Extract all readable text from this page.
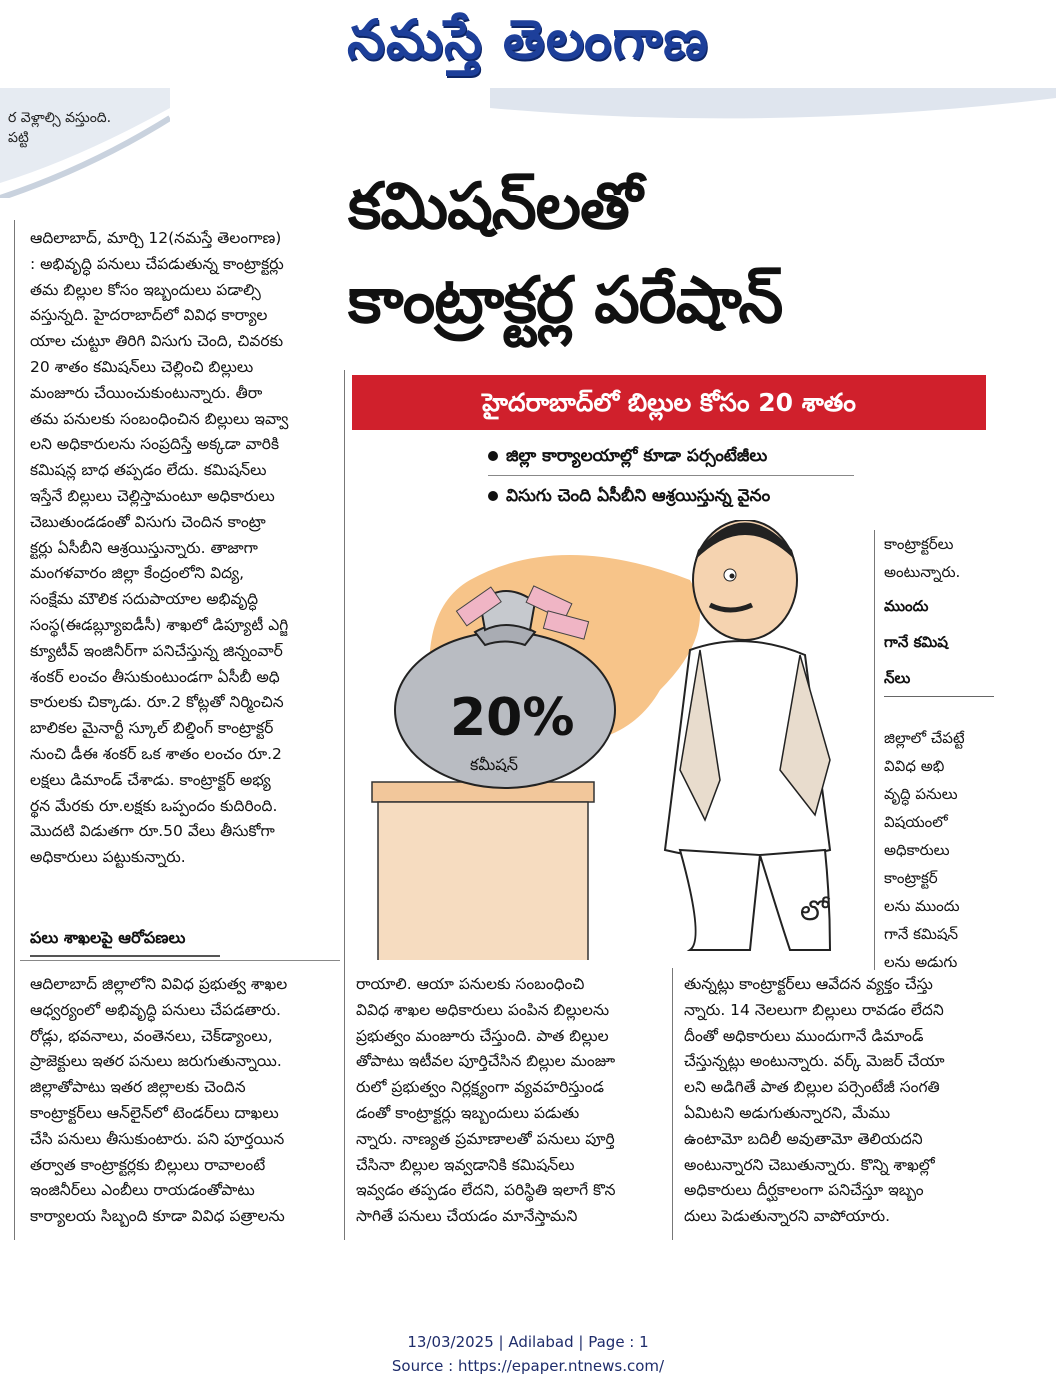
నమస్తే తెలంగాణ
ర వెళ్లాల్సి వస్తుంది.
పట్టి
కమిషన్‌లతో
కాంట్రాక్టర్ల పరేషాన్
హైదరాబాద్‌లో బిల్లుల కోసం 20 శాతం
జిల్లా కార్యాలయాల్లో కూడా పర్సంటేజీలు
విసుగు చెంది ఏసీబీని ఆశ్రయిస్తున్న వైనం
20%
కమీషన్
లో
కాంట్రాక్టర్‌లు
అంటున్నారు.
ముందు
గానే కమిష
న్‌లు
జిల్లాలో చేపట్టే
వివిధ అభి
వృద్ధి పనులు
విషయంలో
అధికారులు
కాంట్రాక్టర్
లను ముందు
గానే కమిషన్
లను అడుగు

ఆదిలాబాద్, మార్చి 12(నమస్తే తెలంగాణ)

: అభివృద్ధి పనులు చేపడుతున్న కాంట్రాక్టర్లు

తమ బిల్లుల కోసం ఇబ్బందులు పడాల్సి

వస్తున్నది. హైదరాబాద్‌లో వివిధ కార్యాల

యాల చుట్టూ తిరిగి విసుగు చెంది, చివరకు

20 శాతం కమిషన్‌లు చెల్లించి బిల్లులు

మంజూరు చేయించుకుంటున్నారు. తీరా

తమ పనులకు సంబంధించిన బిల్లులు ఇవ్వా

లని అధికారులను సంప్రదిస్తే అక్కడా వారికి

కమిషన్ల బాధ తప్పడం లేదు. కమిషన్‌లు

ఇస్తేనే బిల్లులు చెల్లిస్తామంటూ అధికారులు

చెబుతుండడంతో విసుగు చెందిన కాంట్రా

క్టర్లు ఏసీబీని ఆశ్రయిస్తున్నారు. తాజాగా

మంగళవారం జిల్లా కేంద్రంలోని విద్య,

సంక్షేమ మౌలిక సదుపాయాల అభివృద్ధి

సంస్థ(ఈడబ్ల్యూఐడీసీ) శాఖలో డిప్యూటీ ఎగ్జి

క్యూటీవ్ ఇంజినీర్‌గా పనిచేస్తున్న జిన్నంవార్

శంకర్ లంచం తీసుకుంటుండగా ఏసీబీ అధి

కారులకు చిక్కాడు. రూ.2 కోట్లతో నిర్మించిన

బాలికల మైనార్టీ స్కూల్ బిల్డింగ్ కాంట్రాక్టర్

నుంచి డీఈ శంకర్ ఒక శాతం లంచం రూ.2

లక్షలు డిమాండ్ చేశాడు. కాంట్రాక్టర్ అభ్య

ర్థన మేరకు రూ.లక్షకు ఒప్పందం కుదిరింది.

మొదటి విడుతగా రూ.50 వేలు తీసుకోగా

అధికారులు పట్టుకున్నారు.

పలు శాఖలపై ఆరోపణలు

ఆదిలాబాద్ జిల్లాలోని వివిధ ప్రభుత్వ శాఖల

ఆధ్వర్యంలో అభివృద్ధి పనులు చేపడతారు.

రోడ్లు, భవనాలు, వంతెనలు, చెక్‌డ్యాంలు,

ప్రాజెక్టులు ఇతర పనులు జరుగుతున్నాయి.

జిల్లాతోపాటు ఇతర జిల్లాలకు చెందిన

కాంట్రాక్టర్‌లు ఆన్‌లైన్‌లో టెండర్‌లు దాఖలు

చేసి పనులు తీసుకుంటారు. పని పూర్తయిన

తర్వాత కాంట్రాక్టర్లకు బిల్లులు రావాలంటే

ఇంజినీర్‌లు ఎంబీలు రాయడంతోపాటు

కార్యాలయ సిబ్బంది కూడా వివిధ పత్రాలను

రాయాలి. ఆయా పనులకు సంబంధించి

వివిధ శాఖల అధికారులు పంపిన బిల్లులను

ప్రభుత్వం మంజూరు చేస్తుంది. పాత బిల్లుల

తోపాటు ఇటీవల పూర్తిచేసిన బిల్లుల మంజూ

రులో ప్రభుత్వం నిర్లక్ష్యంగా వ్యవహరిస్తుండ

డంతో కాంట్రాక్టర్లు ఇబ్బందులు పడుతు

న్నారు. నాణ్యత ప్రమాణాలతో పనులు పూర్తి

చేసినా బిల్లుల ఇవ్వడానికి కమిషన్‌లు

ఇవ్వడం తప్పడం లేదని, పరిస్థితి ఇలాగే కొన

సాగితే పనులు చేయడం మానేస్తామని

తున్నట్లు కాంట్రాక్టర్‌లు ఆవేదన వ్యక్తం చేస్తు

న్నారు. 14 నెలలుగా బిల్లులు రావడం లేదని

దీంతో అధికారులు ముందుగానే డిమాండ్

చేస్తున్నట్లు అంటున్నారు. వర్క్ మెజర్ చేయా

లని అడిగితే పాత బిల్లుల పర్సెంటేజీ సంగతి

ఏమిటని అడుగుతున్నారని, మేము

ఉంటామో బదిలీ అవుతామో తెలియదని

అంటున్నారని చెబుతున్నారు. కొన్ని శాఖల్లో

అధికారులు దీర్ఘకాలంగా పనిచేస్తూ ఇబ్బం

దులు పెడుతున్నారని వాపోయారు.

13/03/2025 | Adilabad | Page : 1
Source : https://epaper.ntnews.com/
